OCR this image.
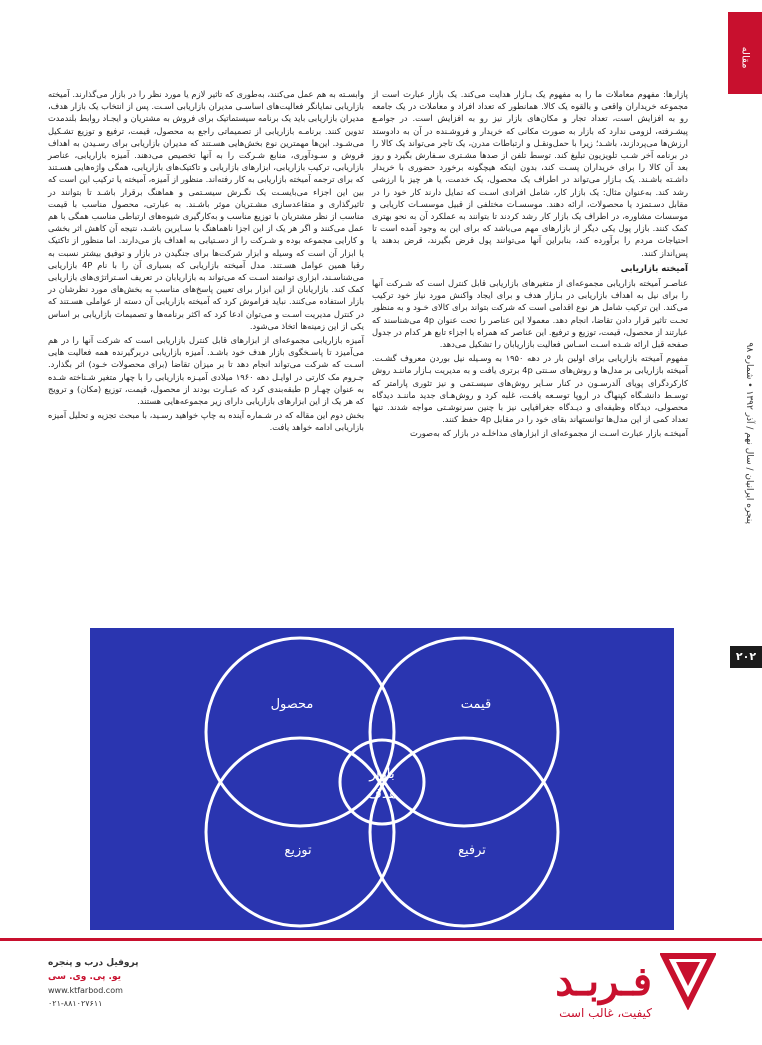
مقاله
پنجره ایرانیان / سال نهم / آذر ۱۳۹۲ • شماره ۹۸
۲۰۲

پازارها: مفهوم معاملات ما را به مفهوم یک بـازار هدایت می‌کند. یک بازار عبارت است از مجموعه خریداران واقعی و بالقوه یک کالا. همانطور که تعداد افراد و معاملات در یک جامعه رو به افزایش است، تعداد تجار و مکان‌های بازار نیز رو به افزایش است. در جوامـع پیشـرفته، لزومی ندارد که بازار به صورت مکانی که خریدار و فروشـنده در آن به دادوستد ارزش‌ها می‌پردازند، باشـد؛ زیرا با حمل‌ونقـل و ارتباطات مدرن، یک تاجر می‌تواند یک کالا را در برنامه آخر شـب تلویزیون تبلیغ کند. توسط تلفن از صدها مشـتری سـفارش بگیرد و روز بعد آن کالا را برای خریداران پسـت کند، بدون اینکه هیچگونه برخورد حضوری با خریدار داشـته باشـند. یک بـازار می‌تواند در اطراف یک محصول، یک خدمت، یا هر چیز با ارزشی رشد کند. به‌عنوان مثال: یک بازار کار، شامل افرادی اسـت که تمایل دارند کار خود را در مقابل دسـتمزد یا محصولات، ارائه دهند. موسسـات مختلفی از قبیل موسسـات کاریابی و موسسات مشاوره، در اطراف یک بازار کار رشد کردند تا بتوانند به عملکرد آن به نحو بهتری کمک کنند. بازار پول یکی دیگر از بازارهای مهم می‌باشد که برای این به وجود آمده است تا احتیاجات مردم را برآورده کند، بنابراین آنها می‌توانند پول قرض بگیرند، قرض بدهند یا پس‌انداز کنند.

آمیخته بازاریابی

عناصـر آمیخته بازاریابی مجموعه‌ای از متغیرهای بازاریابی قابل کنترل است که شـرکت آنها را برای نیل به اهداف بازاریابی در بـازار هدف و برای ایجاد واکنش مورد نیاز خود ترکیب می‌کند. این ترکیب شامل هر نوع اقدامی است که شرکت بتواند برای کالای خـود و به منظور تحـت تاثیر قرار دادن تقاضا، انجام دهد. معمولا این عناصر را تحت عنوان 4p می‌شناسند که عبارتند از محصول، قیمت، توزیع و ترفیع. این عناصر که همراه با اجزاء تابع هر کدام در جدول صفحه قبل ارائه شـده اسـت اسـاس فعالیت بازاریابان را تشکیل می‌دهد.

مفهوم آمیخته بازاریابی برای اولین بار در دهه ۱۹۵۰ به وسـیله نیل بوردن معروف گشـت. آمیخته بازاریابی بر مدل‌ها و روش‌های سـنتی 4p برتری یافت و به مدیریت بـازار ماننـد روش کارکردگرای پویای آلدرسـون در کنار سـایر روش‌های سیسـتمی و نیز تئوری پارامتر که توسـط دانشـگاه کپنهاگ در اروپا توسـعه یافـت، غلبه کرد و روش‌هـای جدید ماننـد دیدگاه محصولی، دیدگاه وظیفه‌ای و دیـدگاه جغرافیایی نیز با چنین سرنوشـتی مواجه شدند. تنها تعداد کمی از این مدل‌ها توانستهاند بقای خود را در مقابل 4p حفظ کنند.

آمیختـه بازار عبارت اسـت از مجموعه‌ای از ابزارهای مداخلـه در بازار که به‌صورت

وابسـته به هم عمل می‌کنند، به‌طوری که تاثیر لازم یا مورد نظر را در بازار می‌گذارند. آمیخته بازاریابی نمایانگر فعالیت‌های اساسـی مدیران بازاریابی اسـت. پس از انتخاب یک بازار هدف، مدیران بازاریابی باید یک برنامه سیستماتیک برای فروش به مشتریان و ایجـاد روابط بلندمدت تدوین کنند. برنامـه بازاریابی از تصمیماتی راجع به محصول، قیمت، ترفیع و توزیع تشـکیل می‌شـود. این‌ها مهمترین نوع بخش‌هایی هسـتند که مدیران بازاریابی برای رسـیدن به اهداف فروش و سـودآوری، منابع شـرکت را به آنها تخصیص می‌دهند. آمیزه بازاریابی، عناصر بازاریابی، ترکیب بازاریابی، ابزارهای بازاریابی و تاکتیک‌های بازاریابی، همگی واژه‌هایی هسـتند که برای ترجمه آمیخته بازاریابی به کار رفته‌اند. منظور از آمیزه، آمیخته یا ترکیب این است که بین این اجزاء می‌بایسـت یک نگـرش سیسـتمی و هماهنگ برقرار باشـد تا بتوانند در تاثیرگذاری و متقاعدسازی مشـتریان موثر باشـند. به عبارتی، محصول مناسب با قیمت مناسب از نظر مشتریان با توزیع مناسب و به‌کارگیری شیوه‌های ارتباطی مناسب همگی با هم عمل می‌کنند و اگر هر یک از این اجزا ناهماهنگ با سـایرین باشـد، نتیجه آن کاهش اثر بخشی و کارایی مجموعه بوده و شـرکت را از دسـتیابی به اهداف باز می‌دارند. اما منظور از تاکتیک یا ابزار آن است که وسیله و ابزار شرکت‌ها برای جنگیدن در بازار و توفیق بیشتر نسبت به رقبا همین عوامل هسـتند. مدل آمیخته بازاریابی که بسیاری آن را با نام 4P بازاریابی می‌شناسـند، ابزاری توانمند اسـت که می‌تواند به بازاریابان در تعریف اسـتراتژی‌های بازاریابی کمک کند. بازاریابان از این ابزار برای تعیین پاسخ‌های مناسب به بخش‌های مورد نظرشان در بازار استفاده می‌کنند. نباید فراموش کرد که آمیخته بازاریابی آن دسته از عواملی هسـتند که در کنترل مدیریت اسـت و می‌توان ادعا کرد که اکثر برنامه‌ها و تصمیمات بازاریابی بر اساس یکی از این زمینه‌ها اتخاذ می‌شود.

آمیزه بازاریابی مجموعه‌ای از ابزارهای قابل کنترل بازاریابی است که شرکت آنها را در هم می‌آمیزد تا پاسـخگوی بازار هدف خود باشـد. آمیزه بازاریابی دربرگیرنده همه فعالیت هایی اسـت که شرکت می‌تواند انجام دهد تا بر میزان تقاضا (برای محصولات خـود) اثر بگذارد. جـروم مک کارتی در اوایـل دهه ۱۹۶۰ میلادی آمیـزه بازاریابی را با چهار متغیر شـناخته شـده به عنوان چهـار p طبقه‌بندی کرد که عبـارت بودند از محصول، قیمت، توزیع (مکان) و ترویج که هر یک از این ابزارهای بازاریابی دارای زیر مجموعه‌هایی هستند.

بخش دوم این مقاله که در شـماره آینده به چاپ خواهید رسـید، با مبحث تجزیه و تحلیل آمیزه بازاریابی ادامه خواهد یافت.

محصول	قیمت
توزیع	ترفیع
بازار
هدف
فـربـد
کیفیت، غالب است
پروفیل درب و پنجره
یو. پی. وی. سی
www.ktfarbod.com
۰۲۱-۸۸۱۰۲۷۶۱۱
